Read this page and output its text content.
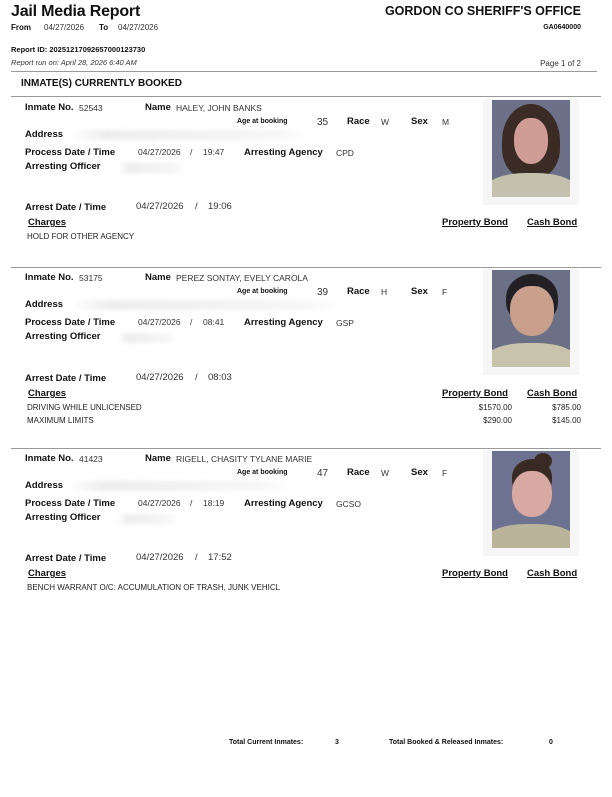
Jail Media Report
From 04/27/2026 To 04/27/2026
GORDON CO SHERIFF'S OFFICE
GA0640000
Report ID: 20251217092657000123730
Report run on: April 28, 2026 6:40 AM	Page 1 of 2
INMATE(S) CURRENTLY BOOKED
Inmate No. 52543	Name HALEY, JOHN BANKS
Age at booking	35 Race W Sex M
Address
Process Date / Time	04/27/2026 / 19:47 Arresting Agency CPD
Arresting Officer
Arrest Date / Time	04/27/2026 / 19:06
Charges	Property Bond Cash Bond
HOLD FOR OTHER AGENCY
Inmate No. 53175	Name PEREZ SONTAY, EVELY CAROLA
Age at booking	39 Race H	Sex F
Address
Process Date / Time	04/27/2026 / 08:41 Arresting Agency GSP
Arresting Officer
Arrest Date / Time	04/27/2026 / 08:03
Charges	Property Bond Cash Bond
DRIVING WHILE UNLICENSED	$1570.00	$785.00
MAXIMUM LIMITS	$290.00	$145.00
Inmate No. 41423	Name RIGELL, CHASITY TYLANE MARIE
Age at booking	47 Race W Sex F
Address
Process Date / Time	04/27/2026 / 18:19 Arresting Agency GCSO
Arresting Officer
Arrest Date / Time	04/27/2026 / 17:52
Charges	Property Bond Cash Bond
BENCH WARRANT O/C: ACCUMULATION OF TRASH, JUNK VEHICL
Total Current Inmates:	3	Total Booked & Released Inmates:	0
